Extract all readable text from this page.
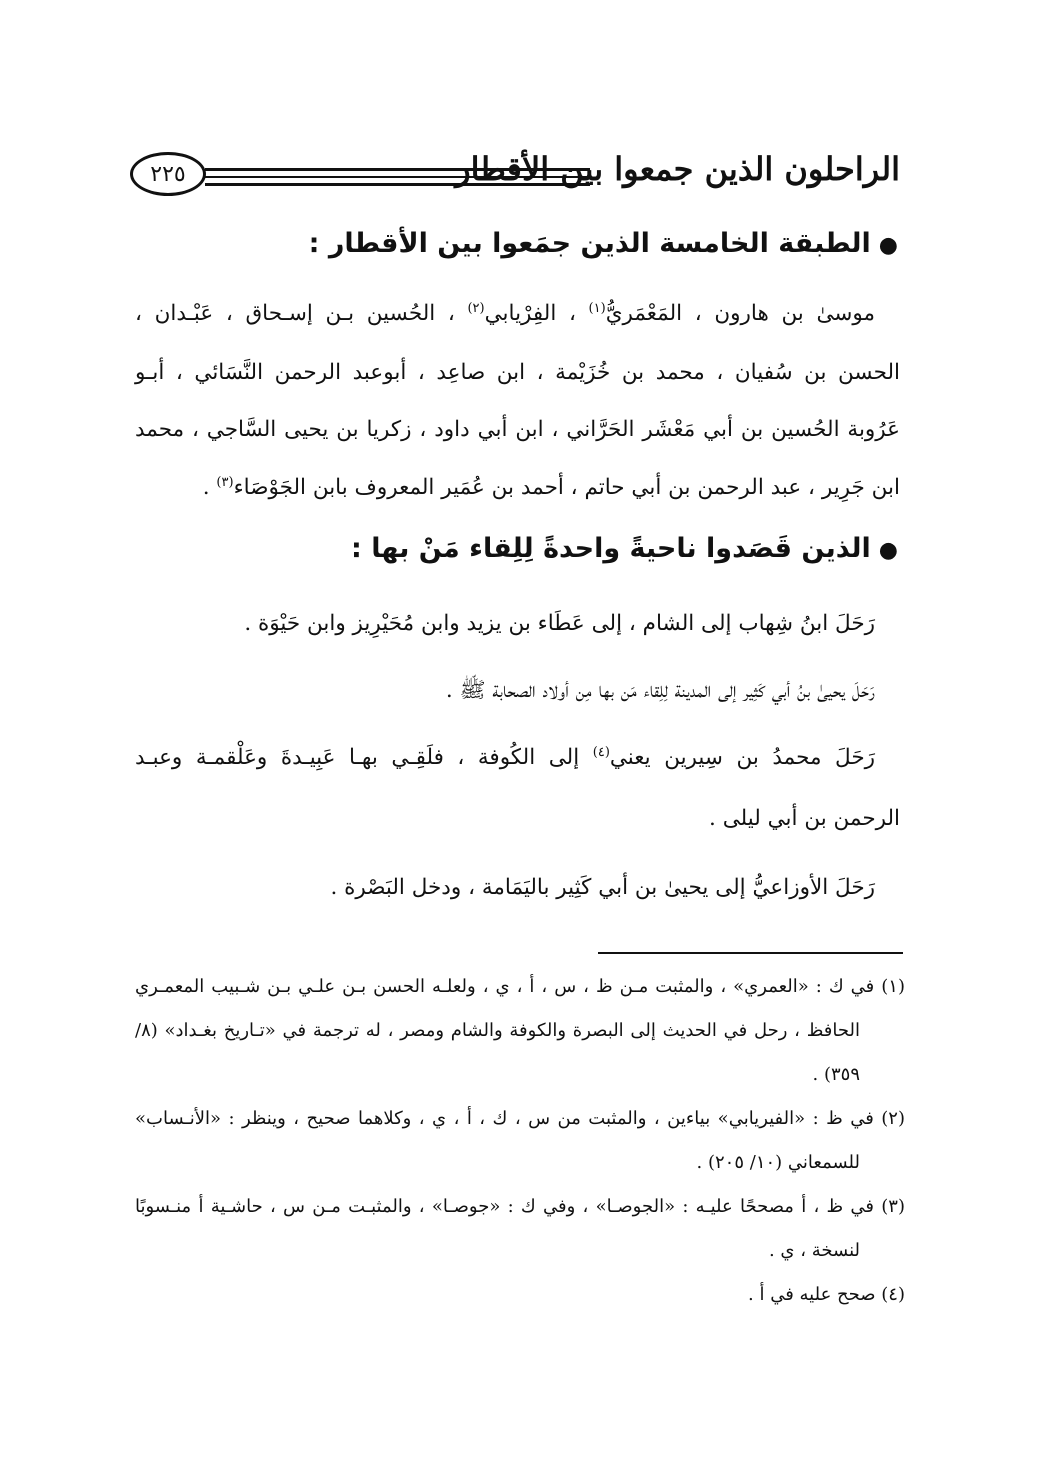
الراحلون الذين جمعوا بين الأقطار
٢٢٥
●الطبقة الخامسة الذين جمَعوا بين الأقطار :
موسىٰ بن هارون ، المَعْمَريُّ$^{(١)}$ ، الفِرْيابي$^{(٢)}$ ، الحُسين بـن إسـحاق ، عَبْـدان ،
الحسن بن سُفيان ، محمد بن خُزَيْمة ، ابن صاعِد ، أبوعبد الرحمن النَّسَائي ، أبـو
عَرُوبة الحُسين بن أبي مَعْشَر الحَرَّاني ، ابن أبي داود ، زكريا بن يحيى السَّاجي ، محمد
ابن جَرِير ، عبد الرحمن بن أبي حاتم ، أحمد بن عُمَير المعروف بابن الجَوْصَاء$^{(٣)}$ .
●الذين قَصَدوا ناحيةً واحدةً لِلِقاء مَنْ بها :
رَحَلَ ابنُ شِهاب إلى الشام ، إلى عَطَاء بن يزيد وابن مُحَيْرِيز وابن حَيْوَة .
رَحَلَ يحيىٰ بنُ أبي كَثِير إلى المدينة لِلِقاء مَن بها مِن أولاد الصحابة ﷺ .
رَحَلَ محمدُ بن سِيرين يعني$^{(٤)}$ إلى الكُوفة ، فلَقِـي بهـا عَبِيـدةَ وعَلْقمـة وعبـد
الرحمن بن أبي ليلى .
رَحَلَ الأوزاعيُّ إلى يحيىٰ بن أبي كَثِير باليَمَامة ، ودخل البَصْرة .
(١) في ك : «العمري» ، والمثبت مـن ظ ، س ، أ ، ي ، ولعلـه الحسن بـن علـي بـن شـبيب المعمـري
الحافظ ، رحل في الحديث إلى البصرة والكوفة والشام ومصر ، له ترجمة في «تـاريخ بغـداد» (٨/
٣٥٩) .
(٢) في ظ : «الفيريابي» بياءين ، والمثبت من س ، ك ، أ ، ي ، وكلاهما صحيح ، وينظر : «الأنـساب»
للسمعاني (١٠/ ٢٠٥) .
(٣) في ظ ، أ مصححًا عليـه : «الجوصـا» ، وفي ك : «جوصـا» ، والمثبـت مـن س ، حاشـية أ منـسوبًا
لنسخة ، ي .
(٤) صحح عليه في أ .
